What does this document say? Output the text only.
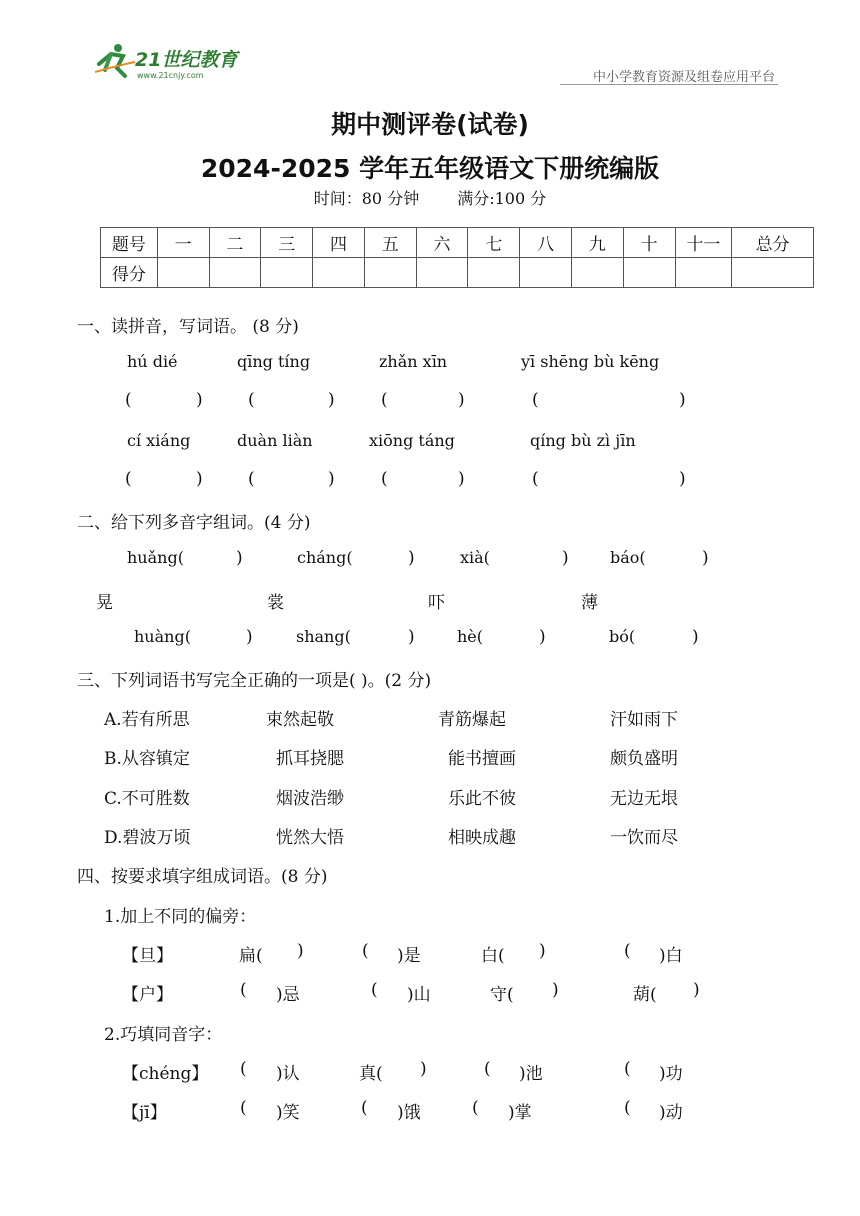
21世纪教育
www.21cnjy.com	中小学教育资源及组卷应用平台
期中测评卷(试卷)
2024-2025 学年五年级语文下册统编版
时间：80 分钟 满分:100 分
题号	一	二	三	四	五	六	七	八	九	十	十一	总分
得分												
一、读拼音，写词语。 (8 分)
hú dié	qīng tíng	zhǎn xīn	yī shēng bù kēng
(	)	(	)	(	)	(	)
cí xiáng	duàn liàn	xiōng táng	qíng bù zì jīn
(	)	(	)	(	)	(	)
二、给下列多音字组词。(4 分)
huǎng(	)	cháng(	)	xià(	)	báo(	)
晃	裳	吓	薄
huàng(	)	shang(	)	hè(	)	bó(	)
三、下列词语书写完全正确的一项是( )。(2 分)
A.若有所思	束然起敬	青筋爆起	汗如雨下
B.从容镇定	抓耳挠腮	能书擅画	颇负盛明
C.不可胜数	烟波浩缈	乐此不彼	无边无垠
D.碧波万顷	恍然大悟	相映成趣	一饮而尽
四、按要求填字组成词语。(8 分)
1.加上不同的偏旁：
【旦】	扁( )	( )是	白( )	( )白
【户】	( )忌	( )山	守( )	葫( )
2.巧填同音字：
【chéng】 ( )认	真( )	( )池	( )功
【jī】	( )笑	( )饿	( )掌	( )动
